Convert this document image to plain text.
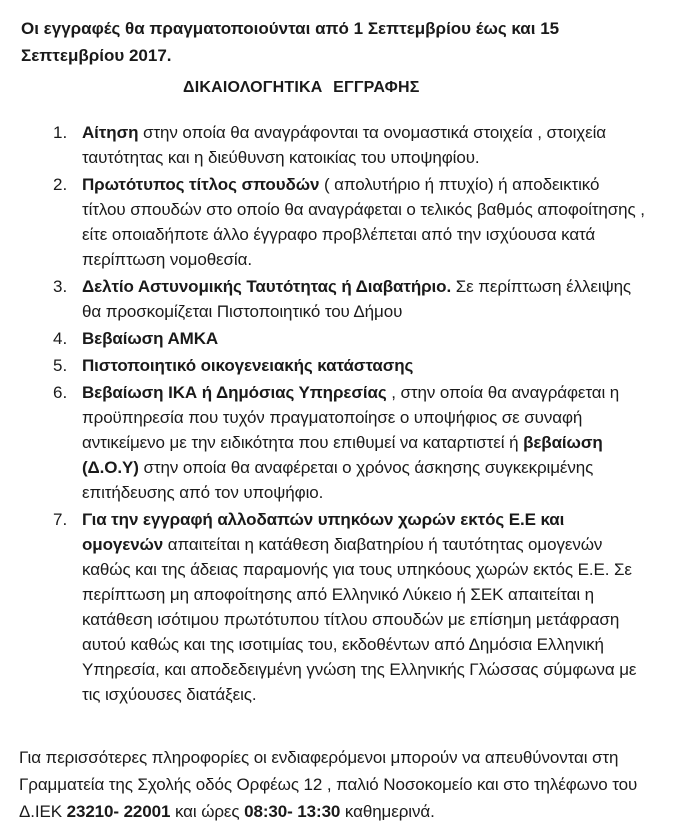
Οι εγγραφές θα πραγματοποιούνται από 1 Σεπτεμβρίου έως και 15 Σεπτεμβρίου 2017.

ΔΙΚΑΙΟΛΟΓΗΤΙΚΑ ΕΓΓΡΑΦΗΣ
1. Αίτηση στην οποία θα αναγράφονται τα ονομαστικά στοιχεία , στοιχεία ταυτότητας και η διεύθυνση κατοικίας του υποψηφίου.
2. Πρωτότυπος τίτλος σπουδών ( απολυτήριο ή πτυχίο) ή αποδεικτικό τίτλου σπουδών στο οποίο θα αναγράφεται ο τελικός βαθμός αποφοίτησης , είτε οποιαδήποτε άλλο έγγραφο προβλέπεται από την ισχύουσα κατά περίπτωση νομοθεσία.
3. Δελτίο Αστυνομικής Ταυτότητας ή Διαβατήριο. Σε περίπτωση έλλειψης θα προσκομίζεται Πιστοποιητικό του Δήμου
4. Βεβαίωση ΑΜΚΑ
5. Πιστοποιητικό οικογενειακής κατάστασης
6. Βεβαίωση ΙΚΑ ή Δημόσιας Υπηρεσίας , στην οποία θα αναγράφεται η προϋπηρεσία που τυχόν πραγματοποίησε ο υποψήφιος σε συναφή αντικείμενο με την ειδικότητα που επιθυμεί να καταρτιστεί ή βεβαίωση (Δ.Ο.Υ) στην οποία θα αναφέρεται ο χρόνος άσκησης συγκεκριμένης επιτήδευσης από τον υποψήφιο.
7. Για την εγγραφή αλλοδαπών υπηκόων χωρών εκτός Ε.Ε και ομογενών απαιτείται η κατάθεση διαβατηρίου ή ταυτότητας ομογενών καθώς και της άδειας παραμονής για τους υπηκόους χωρών εκτός Ε.Ε. Σε περίπτωση μη αποφοίτησης από Ελληνικό Λύκειο ή ΣΕΚ απαιτείται η κατάθεση ισότιμου πρωτότυπου τίτλου σπουδών με επίσημη μετάφραση αυτού καθώς και της ισοτιμίας του, εκδοθέντων από Δημόσια Ελληνική Υπηρεσία, και αποδεδειγμένη γνώση της Ελληνικής Γλώσσας σύμφωνα με τις ισχύουσες διατάξεις.

Για περισσότερες πληροφορίες οι ενδιαφερόμενοι μπορούν να απευθύνονται στη Γραμματεία της Σχολής οδός Ορφέως 12 , παλιό Νοσοκομείο και στο τηλέφωνο του Δ.ΙΕΚ 23210- 22001 και ώρες 08:30- 13:30 καθημερινά.
